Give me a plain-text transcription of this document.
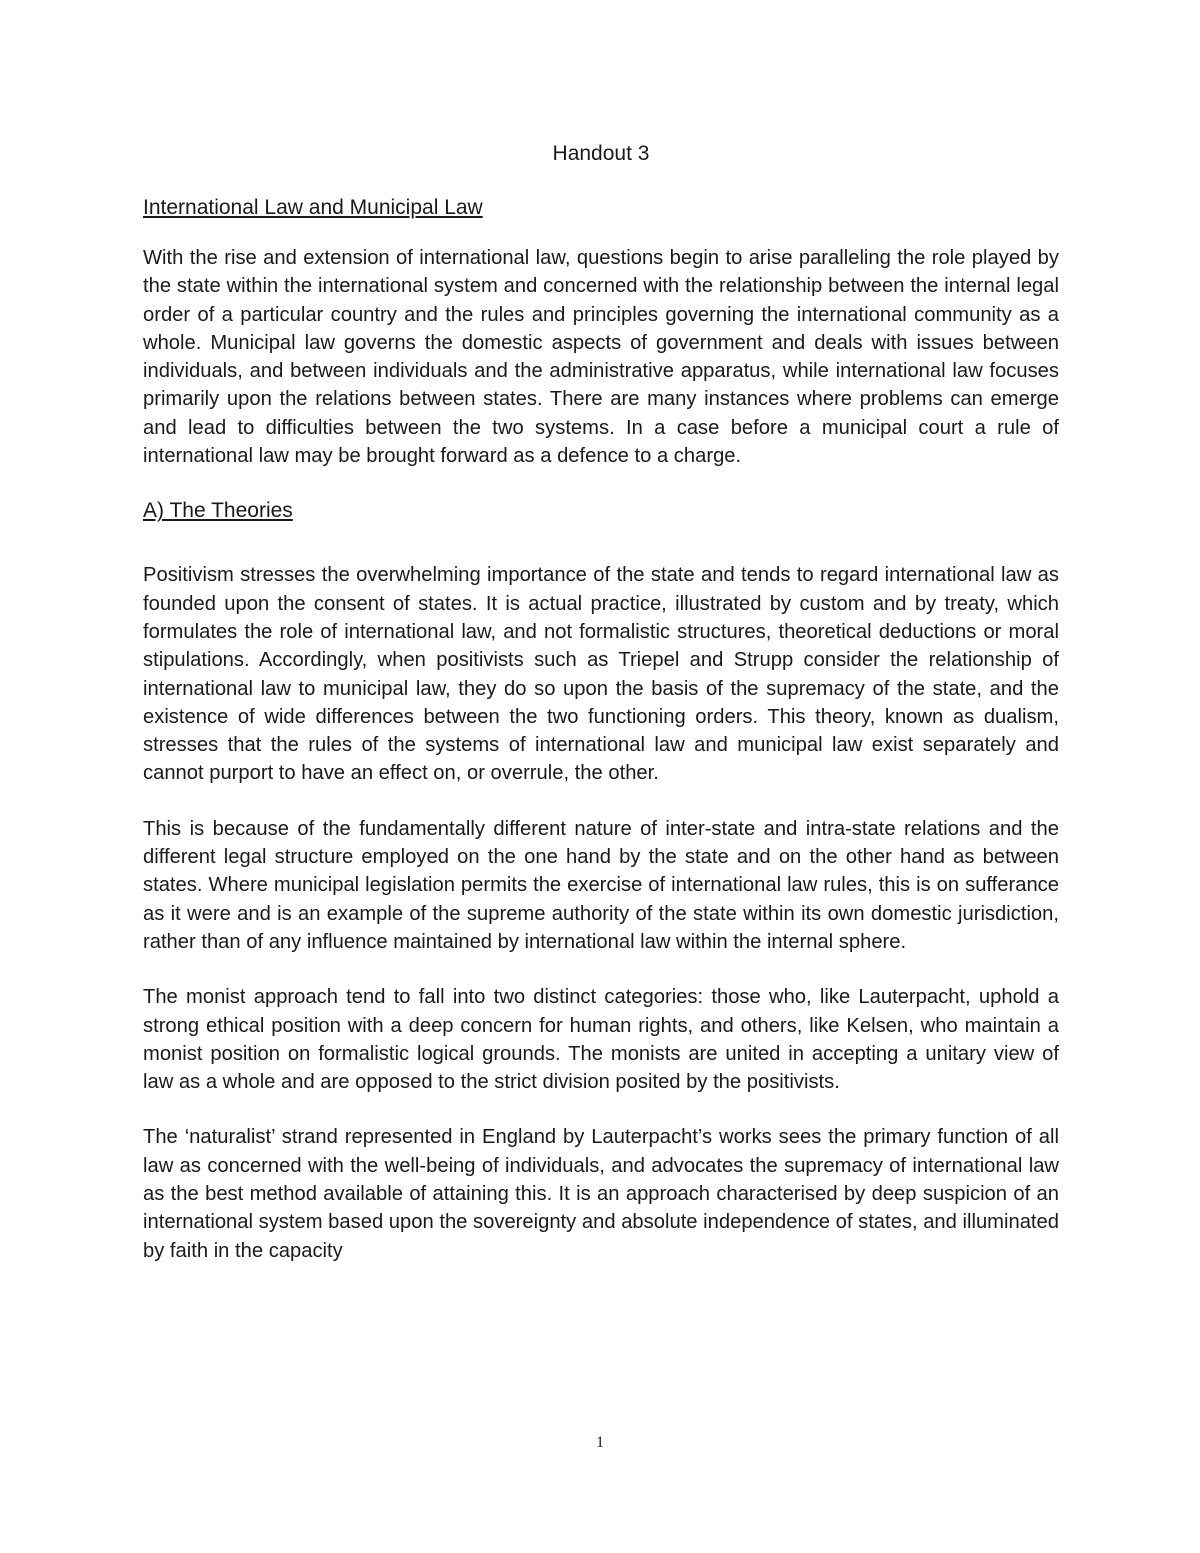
Handout 3
International Law and Municipal Law

With the rise and extension of international law, questions begin to arise paralleling the role played by the state within the international system and concerned with the relationship between the internal legal order of a particular country and the rules and principles governing the international community as a whole. Municipal law governs the domestic aspects of government and deals with issues between individuals, and between individuals and the administrative apparatus, while international law focuses primarily upon the relations between states. There are many instances where problems can emerge and lead to difficulties between the two systems. In a case before a municipal court a rule of international law may be brought forward as a defence to a charge.

A) The Theories

Positivism stresses the overwhelming importance of the state and tends to regard international law as founded upon the consent of states. It is actual practice, illustrated by custom and by treaty, which formulates the role of international law, and not formalistic structures, theoretical deductions or moral stipulations. Accordingly, when positivists such as Triepel and Strupp consider the relationship of international law to municipal law, they do so upon the basis of the supremacy of the state, and the existence of wide differences between the two functioning orders. This theory, known as dualism, stresses that the rules of the systems of international law and municipal law exist separately and cannot purport to have an effect on, or overrule, the other.

This is because of the fundamentally different nature of inter-state and intra-state relations and the different legal structure employed on the one hand by the state and on the other hand as between states. Where municipal legislation permits the exercise of international law rules, this is on sufferance as it were and is an example of the supreme authority of the state within its own domestic jurisdiction, rather than of any influence maintained by international law within the internal sphere.

The monist approach tend to fall into two distinct categories: those who, like Lauterpacht, uphold a strong ethical position with a deep concern for human rights, and others, like Kelsen, who maintain a monist position on formalistic logical grounds. The monists are united in accepting a unitary view of law as a whole and are opposed to the strict division posited by the positivists.

The ‘naturalist’ strand represented in England by Lauterpacht’s works sees the primary function of all law as concerned with the well-being of individuals, and advocates the supremacy of international law as the best method available of attaining this. It is an approach characterised by deep suspicion of an international system based upon the sovereignty and absolute independence of states, and illuminated by faith in the capacity

1
